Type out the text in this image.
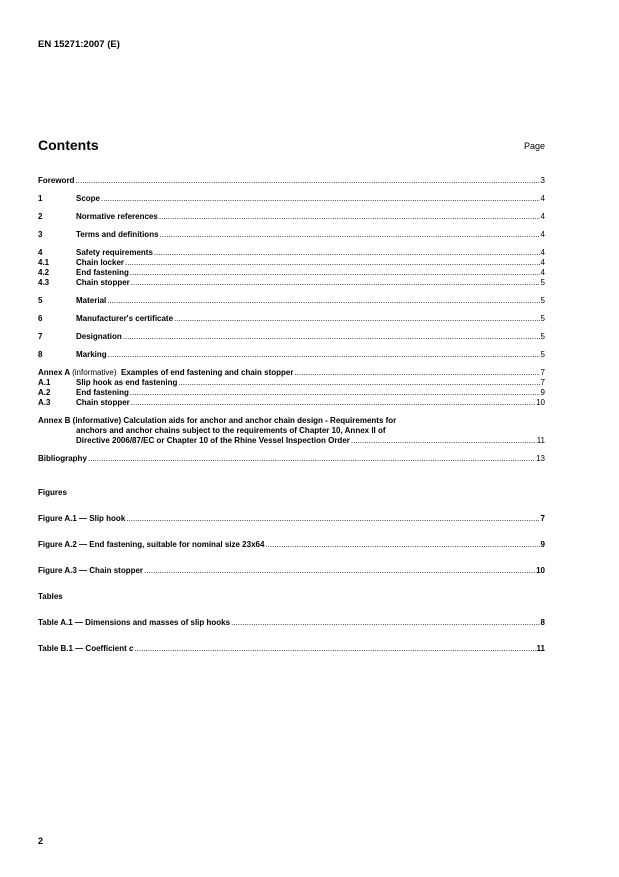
EN 15271:2007 (E)
Contents	Page
Foreword .....	3
1	Scope .....	4
2	Normative references .....	4
3	Terms and definitions .....	4
4	Safety requirements .....	4
4.1	Chain locker .....	4
4.2	End fastening .....	4
4.3	Chain stopper .....	5
5	Material .....	5
6	Manufacturer's certificate .....	5
7	Designation .....	5
8	Marking .....	5
Annex A (informative) Examples of end fastening and chain stopper .....	7
A.1	Slip hook as end fastening .....	7
A.2	End fastening .....	9
A.3	Chain stopper .....	10
Annex B (informative) Calculation aids for anchor and anchor chain design - Requirements for
anchors and anchor chains subject to the requirements of Chapter 10, Annex II of
Directive 2006/87/EC or Chapter 10 of the Rhine Vessel Inspection Order .....	11
Bibliography .....	13
Figures
Figure A.1 — Slip hook .....	7
Figure A.2 — End fastening, suitable for nominal size 23x64 .....	9
Figure A.3 — Chain stopper .....	10
Tables
Table A.1 — Dimensions and masses of slip hooks .....	8
Table B.1 — Coefficient c .....	11
2
